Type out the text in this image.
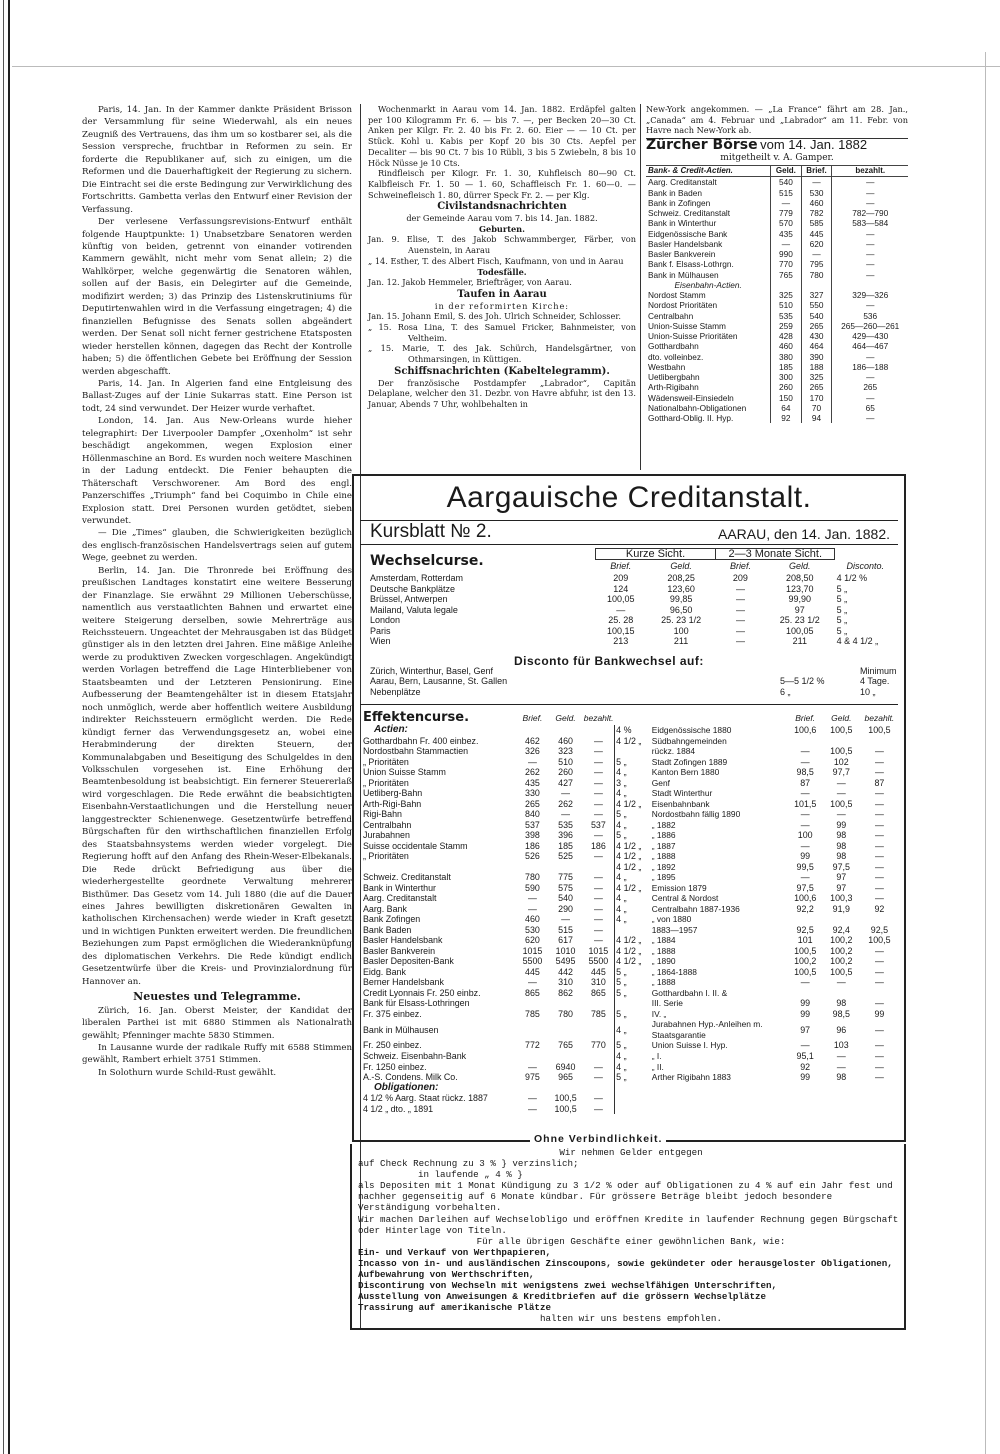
Paris, 14. Jan. In der Kammer dankte Präsident Brisson der Versammlung für seine Wiederwahl, als ein neues Zeugniß des Vertrauens, das ihm um so kostbarer sei, als die Session verspreche, fruchtbar in Reformen zu sein. Er forderte die Republikaner auf, sich zu einigen, um die Reformen und die Dauerhaftigkeit der Regierung zu sichern. Die Eintracht sei die erste Bedingung zur Verwirklichung des Fortschritts. Gambetta verlas den Entwurf einer Revision der Verfassung.

Der verlesene Verfassungsrevisions-Entwurf enthält folgende Hauptpunkte: 1) Unabsetzbare Senatoren werden künftig von beiden, getrennt von einander votirenden Kammern gewählt, nicht mehr vom Senat allein; 2) die Wahlkörper, welche gegenwärtig die Senatoren wählen, sollen auf der Basis, ein Delegirter auf die Gemeinde, modifizirt werden; 3) das Prinzip des Listenskrutiniums für Deputirtenwahlen wird in die Verfassung eingetragen; 4) die finanziellen Befugnisse des Senats sollen abgeändert werden. Der Senat soll nicht ferner gestrichene Etatsposten wieder herstellen können, dagegen das Recht der Kontrolle haben; 5) die öffentlichen Gebete bei Eröffnung der Session werden abgeschafft.

Paris, 14. Jan. In Algerien fand eine Entgleisung des Ballast-Zuges auf der Linie Sukarras statt. Eine Person ist todt, 24 sind verwundet. Der Heizer wurde verhaftet.

London, 14. Jan. Aus New-Orleans wurde hieher telegraphirt: Der Liverpooler Dampfer „Oxenholm“ ist sehr beschädigt angekommen, wegen Explosion einer Höllenmaschine an Bord. Es wurden noch weitere Maschinen in der Ladung entdeckt. Die Fenier behaupten die Thäterschaft Verschworener. Am Bord des engl. Panzerschiffes „Triumph“ fand bei Coquimbo in Chile eine Explosion statt. Drei Personen wurden getödtet, sieben verwundet.

— Die „Times“ glauben, die Schwierigkeiten bezüglich des englisch-französischen Handelsvertrags seien auf gutem Wege, geebnet zu werden.

Berlin, 14. Jan. Die Thronrede bei Eröffnung des preußischen Landtages konstatirt eine weitere Besserung der Finanzlage. Sie erwähnt 29 Millionen Ueberschüsse, namentlich aus verstaatlichten Bahnen und erwartet eine weitere Steigerung derselben, sowie Mehrerträge aus Reichssteuern. Ungeachtet der Mehrausgaben ist das Büdget günstiger als in den letzten drei Jahren. Eine mäßige Anleihe werde zu produktiven Zwecken vorgeschlagen. Angekündigt werden Vorlagen betreffend die Lage Hinterbliebener von Staatsbeamten und der Letzteren Pensionirung. Eine Aufbesserung der Beamtengehälter ist in diesem Etatsjahr noch unmöglich, werde aber hoffentlich weitere Ausbildung indirekter Reichssteuern ermöglicht werden. Die Rede kündigt ferner das Verwendungsgesetz an, wobei eine Herabminderung der direkten Steuern, der Kommunalabgaben und Beseitigung des Schulgeldes in den Volksschulen vorgesehen ist. Eine Erhöhung der Beamtenbesoldung ist beabsichtigt. Ein fernerer Steuererlaß wird vorgeschlagen. Die Rede erwähnt die beabsichtigten Eisenbahn-Verstaatlichungen und die Herstellung neuer langgestreckter Schienenwege. Gesetzentwürfe betreffend Bürgschaften für den wirthschaftlichen finanziellen Erfolg des Staatsbahnsystems werden wieder vorgelegt. Die Regierung hofft auf den Anfang des Rhein-Weser-Elbekanals. Die Rede drückt Befriedigung aus über die wiederhergestellte geordnete Verwaltung mehrerer Bisthümer. Das Gesetz vom 14. Juli 1880 (die auf die Dauer eines Jahres bewilligten diskretionären Gewalten in katholischen Kirchensachen) werde wieder in Kraft gesetzt und in wichtigen Punkten erweitert werden. Die freundlichen Beziehungen zum Papst ermöglichen die Wiederanknüpfung des diplomatischen Verkehrs. Die Rede kündigt endlich Gesetzentwürfe über die Kreis- und Provinzialordnung für Hannover an.

Neuestes und Telegramme.

Zürich, 16. Jan. Oberst Meister, der Kandidat der liberalen Parthei ist mit 6880 Stimmen als Nationalrath gewählt; Pfenninger machte 5830 Stimmen.

In Lausanne wurde der radikale Ruffy mit 6588 Stimmen gewählt, Rambert erhielt 3751 Stimmen.

In Solothurn wurde Schild-Rust gewählt.

Wochenmarkt in Aarau vom 14. Jan. 1882. Erdäpfel galten per 100 Kilogramm Fr. 6. — bis 7. —, per Becken 20—30 Ct. Anken per Kilgr. Fr. 2. 40 bis Fr. 2. 60. Eier — — 10 Ct. per Stück. Kohl u. Kabis per Kopf 20 bis 30 Cts. Aepfel per Decaliter — bis 90 Ct. 7 bis 10 Rübli, 3 bis 5 Zwiebeln, 8 bis 10 Höck Nüsse je 10 Cts.

Rindfleisch per Kilogr. Fr. 1. 30, Kuhfleisch 80—90 Ct. Kalbfleisch Fr. 1. 50 — 1. 60, Schaffleisch Fr. 1. 60—0. — Schweinefleisch 1. 80, dürrer Speck Fr. 2. — per Klg.

Civilstandsnachrichten

der Gemeinde Aarau vom 7. bis 14. Jan. 1882.

Geburten.

Jan. 9. Elise, T. des Jakob Schwammberger, Färber, von Auenstein, in Aarau

„ 14. Esther, T. des Albert Fisch, Kaufmann, von und in Aarau

Todesfälle.

Jan. 12. Jakob Hemmeler, Briefträger, von Aarau.

Taufen in Aarau

in der reformirten Kirche:

Jan. 15. Johann Emil, S. des Joh. Ulrich Schneider, Schlosser.

„ 15. Rosa Lina, T. des Samuel Fricker, Bahnmeister, von Veltheim.

„ 15. Marie, T. des Jak. Schürch, Handelsgärtner, von Othmarsingen, in Küttigen.

Schiffsnachrichten (Kabeltelegramm).

Der französische Postdampfer „Labrador“, Capitän Delaplane, welcher den 31. Dezbr. von Havre abfuhr, ist den 13. Januar, Abends 7 Uhr, wohlbehalten in

New-York angekommen. — „La France“ fährt am 28. Jan., „Canada“ am 4. Februar und „Labrador“ am 11. Febr. von Havre nach New-York ab.

Zürcher Börse vom 14. Jan. 1882
mitgetheilt v. A. Gamper.
Bank- & Credit-Actien.	Geld.	Brief.	bezahlt.
Aarg. Creditanstalt	540	—	—
Bank in Baden	515	530	—
Bank in Zofingen	—	460	—
Schweiz. Creditanstalt	779	782	782—790
Bank in Winterthur	570	585	583—584
Eidgenössische Bank	435	445	—
Basler Handelsbank	—	620	—
Basler Bankverein	990	—	—
Bank f. Elsass-Lothrgn.	770	795	—
Bank in Mülhausen	765	780	—
Eisenbahn-Actien.			
Nordost Stamm	325	327	329—326
Nordost Prioritäten	510	550	—
Centralbahn	535	540	536
Union-Suisse Stamm	259	265	265—260—261
Union-Suisse Prioritäten	428	430	429—430
Gotthardbahn	460	464	464—467
dto. volleinbez.	380	390	—
Westbahn	185	188	186—188
Uetlibergbahn	300	325	—
Arth-Rigibahn	260	265	265
Wädensweil-Einsiedeln	150	170	—
Nationalbahn-Obligationen	64	70	65
Gotthard-Oblig. II. Hyp.	92	94	—
Aargauische Creditanstalt.
Kursblatt № 2.	AARAU, den 14. Jan. 1882.
Wechselcurse.	Kurze Sicht.		2—3 Monate Sicht.		
	Brief.	Geld.	Brief.	Geld.	Disconto.
Amsterdam, Rotterdam	209	208,25	209	208,50	4 1/2 %
Deutsche Bankplätze	124	123,60	—	123,70	5 „
Brüssel, Antwerpen	100,05	99,85	—	99,90	5 „
Mailand, Valuta legale	—	96,50	—	97	5 „
London	25. 28	25. 23 1/2	—	25. 23 1/2	5 „
Paris	100,15	100	—	100,05	5 „
Wien	213	211	—	211	4 & 4 1/2 „
Disconto für Bankwechsel auf:
Zürich, Winterthur, Basel, Genf	Minimum
Aarau, Bern, Lausanne, St. Gallen	5—5 1/2 %	4 Tage.
Nebenplätze	6 „	10 „
Effektencurse.	Brief.	Geld.	bezahlt.			Brief.	Geld.	bezahlt.
Actien:				4 %	Eidgenössische 1880	100,6	100,5	100,5
Gotthardbahn Fr. 400 einbez.	462	460	—	4 1/2 „	Südbahngemeinden			
Nordostbahn Stammactien	326	323	—		rückz. 1884	—	100,5	—
„ Prioritäten	—	510	—	5 „	Stadt Zofingen 1889	—	102	—
Union Suisse Stamm	262	260	—	4 „	Kanton Bern 1880	98,5	97,7	—
„ Prioritäten	435	427	—	3 „	Genf	87	—	87
Uetliberg-Bahn	330	—	—	4 „	Stadt Winterthur	—	—	—
Arth-Rigi-Bahn	265	262	—	4 1/2 „	Eisenbahnbank	101,5	100,5	—
Rigi-Bahn	840	—	—	5 „	Nordostbahn fällig 1890	—	—	—
Centralbahn	537	535	537	4 „	„ 1882	—	99	—
Jurabahnen	398	396	—	5 „	„ 1886	100	98	—
Suisse occidentale Stamm	186	185	186	4 1/2 „	„ 1887	—	98	—
„ Prioritäten	526	525	—	4 1/2 „	„ 1888	99	98	—
				4 1/2 „	„ 1892	99,5	97,5	—
Schweiz. Creditanstalt	780	775	—	4 „	„ 1895	—	97	—
Bank in Winterthur	590	575	—	4 1/2 „	Emission 1879	97,5	97	—
Aarg. Creditanstalt	—	540	—	4 „	Central & Nordost	100,6	100,3	—
Aarg. Bank	—	290	—	4 „	Centralbahn 1887-1936	92,2	91,9	92
Bank Zofingen	460	—	—	4 „	„ von 1880			
Bank Baden	530	515	—		1883—1957	92,5	92,4	92,5
Basler Handelsbank	620	617	—	4 1/2 „	„ 1884	101	100,2	100,5
Basler Bankverein	1015	1010	1015	4 1/2 „	„ 1888	100,5	100,2	—
Basler Depositen-Bank	5500	5495	5500	4 1/2 „	„ 1890	100,2	100,2	—
Eidg. Bank	445	442	445	5 „	„ 1864-1888	100,5	100,5	—
Berner Handelsbank	—	310	310	5 „	„ 1888	—	—	—
Credit Lyonnais Fr. 250 einbz.	865	862	865	5 „	Gotthardbahn I. II. &			
Bank für Elsass-Lothringen					III. Serie	99	98	—
Fr. 375 einbez.	785	780	785	5 „	IV. „	99	98,5	99
Bank in Mülhausen				4 „	Jurabahnen Hyp.-Anleihen m. Staatsgarantie	97	96	—
Fr. 250 einbez.	772	765	770	5 „	Union Suisse I. Hyp.	—	103	—
Schweiz. Eisenbahn-Bank				4 „	„ I.	95,1	—	—
Fr. 1250 einbez.	—	6940	—	4 „	„ II.	92	—	—
A.-S. Condens. Milk Co.	975	965	—	5 „	Arther Rigibahn 1883	99	98	—
Obligationen:								
4 1/2 % Aarg. Staat rückz. 1887	—	100,5	—					
4 1/2 „ dto. „ 1891	—	100,5	—					
Ohne Verbindlichkeit.

Wir nehmen Gelder entgegen

auf Check Rechnung zu 3 % } verzinslich;

in laufende „ 4 % }

als Depositen mit 1 Monat Kündigung zu 3 1/2 % oder auf Obligationen zu 4 % auf ein Jahr fest und nachher gegenseitig auf 6 Monate kündbar. Für grössere Beträge bleibt jedoch besondere Verständigung vorbehalten.

Wir machen Darleihen auf Wechselobligo und eröffnen Kredite in laufender Rechnung gegen Bürgschaft oder Hinterlage von Titeln.

Für alle übrigen Geschäfte einer gewöhnlichen Bank, wie:

Ein- und Verkauf von Werthpapieren,

Incasso von in- und ausländischen Zinscoupons, sowie gekündeter oder herausgeloster Obligationen,

Aufbewahrung von Werthschriften,

Discontirung von Wechseln mit wenigstens zwei wechselfähigen Unterschriften,

Ausstellung von Anweisungen & Kreditbriefen auf die grössern Wechselplätze

Trassirung auf amerikanische Plätze

halten wir uns bestens empfohlen.
